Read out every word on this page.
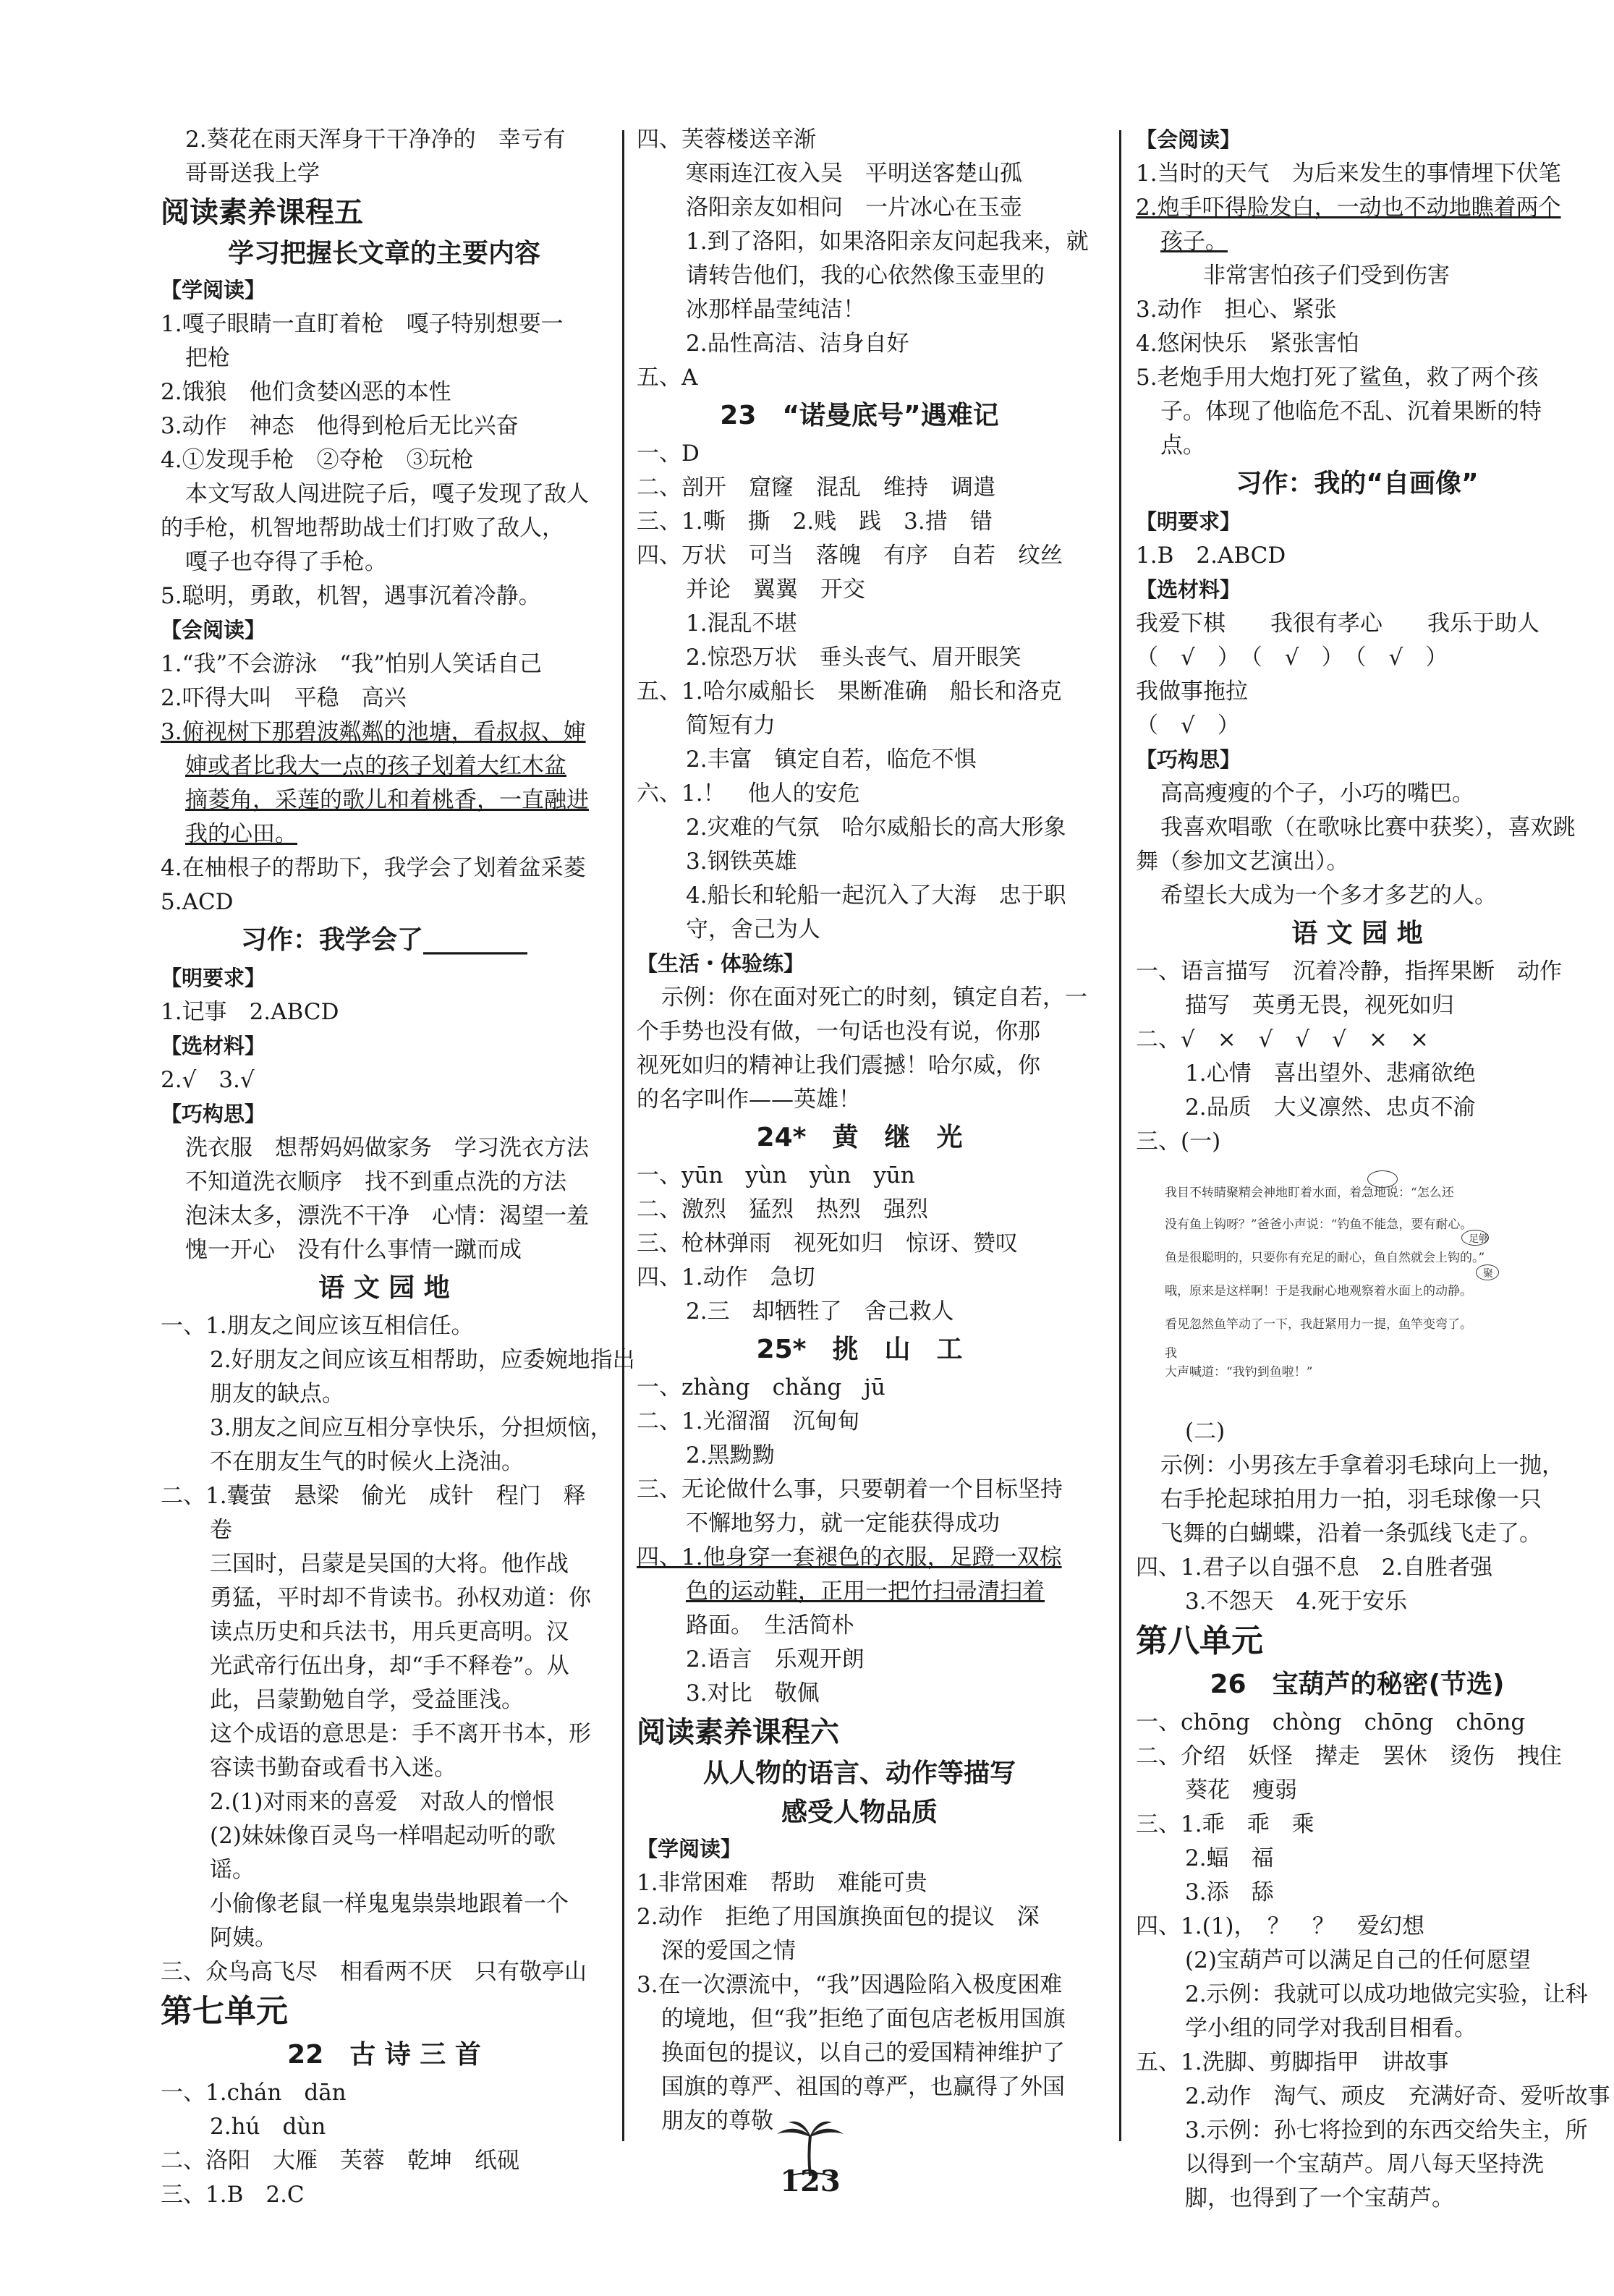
2.葵花在雨天浑身干干净净的　幸亏有
哥哥送我上学
阅读素养课程五
学习把握长文章的主要内容
【学阅读】
1.嘎子眼睛一直盯着枪　嘎子特别想要一
把枪
2.饿狼　他们贪婪凶恶的本性
3.动作　神态　他得到枪后无比兴奋
4.①发现手枪　②夺枪　③玩枪
本文写敌人闯进院子后，嘎子发现了敌人
的手枪，机智地帮助战士们打败了敌人，
嘎子也夺得了手枪。
5.聪明，勇敢，机智，遇事沉着冷静。
【会阅读】
1.“我”不会游泳　“我”怕别人笑话自己
2.吓得大叫　平稳　高兴
3.俯视树下那碧波粼粼的池塘，看叔叔、婶
婶或者比我大一点的孩子划着大红木盆
摘菱角，采莲的歌儿和着桃香，一直融进
我的心田。
4.在柚根子的帮助下，我学会了划着盆采菱
5.ACD
习作：我学会了________
【明要求】
1.记事　2.ABCD
【选材料】
2.√　3.√
【巧构思】
洗衣服　想帮妈妈做家务　学习洗衣方法
不知道洗衣顺序　找不到重点洗的方法
泡沫太多，漂洗不干净　心情：渴望一羞
愧一开心　没有什么事情一蹴而成
语 文 园 地
一、1.朋友之间应该互相信任。
2.好朋友之间应该互相帮助，应委婉地指出
朋友的缺点。
3.朋友之间应互相分享快乐，分担烦恼，
不在朋友生气的时候火上浇油。
二、1.囊萤　悬梁　偷光　成针　程门　释
卷
三国时，吕蒙是吴国的大将。他作战
勇猛，平时却不肯读书。孙权劝道：你
读点历史和兵法书，用兵更高明。汉
光武帝行伍出身，却“手不释卷”。从
此，吕蒙勤勉自学，受益匪浅。
这个成语的意思是：手不离开书本，形
容读书勤奋或看书入迷。
2.(1)对雨来的喜爱　对敌人的憎恨
(2)妹妹像百灵鸟一样唱起动听的歌
谣。
小偷像老鼠一样鬼鬼祟祟地跟着一个
阿姨。
三、众鸟高飞尽　相看两不厌　只有敬亭山
第七单元
22　古 诗 三 首
一、1.chán　dān
2.hú　dùn
二、洛阳　大雁　芙蓉　乾坤　纸砚
三、1.B　2.C
四、芙蓉楼送辛渐
寒雨连江夜入吴　平明送客楚山孤
洛阳亲友如相问　一片冰心在玉壶
1.到了洛阳，如果洛阳亲友问起我来，就
请转告他们，我的心依然像玉壶里的
冰那样晶莹纯洁！
2.品性高洁、洁身自好
五、A
23　“诺曼底号”遇难记
一、D
二、剖开　窟窿　混乱　维持　调遣
三、1.嘶　撕　2.贱　践　3.措　错
四、万状　可当　落魄　有序　自若　纹丝
并论　翼翼　开交
1.混乱不堪
2.惊恐万状　垂头丧气、眉开眼笑
五、1.哈尔威船长　果断准确　船长和洛克
简短有力
2.丰富　镇定自若，临危不惧
六、1.！　他人的安危
2.灾难的气氛　哈尔威船长的高大形象
3.钢铁英雄
4.船长和轮船一起沉入了大海　忠于职
守，舍己为人
【生活・体验练】
示例：你在面对死亡的时刻，镇定自若，一
个手势也没有做，一句话也没有说，你那
视死如归的精神让我们震撼！哈尔威，你
的名字叫作——英雄！
24*　黄　继　光
一、yūn　yùn　yùn　yūn
二、激烈　猛烈　热烈　强烈
三、枪林弹雨　视死如归　惊讶、赞叹
四、1.动作　急切
2.三　却牺牲了　舍己救人
25*　挑　山　工
一、zhàng　chǎng　jū
二、1.光溜溜　沉甸甸
2.黑黝黝
三、无论做什么事，只要朝着一个目标坚持
不懈地努力，就一定能获得成功
四、1.他身穿一套褪色的衣服，足蹬一双棕
色的运动鞋，正用一把竹扫帚清扫着
路面。　生活简朴
2.语言　乐观开朗
3.对比　敬佩
阅读素养课程六
从人物的语言、动作等描写
感受人物品质
【学阅读】
1.非常困难　帮助　难能可贵
2.动作　拒绝了用国旗换面包的提议　深
深的爱国之情
3.在一次漂流中，“我”因遇险陷入极度困难
的境地，但“我”拒绝了面包店老板用国旗
换面包的提议，以自己的爱国精神维护了
国旗的尊严、祖国的尊严，也赢得了外国
朋友的尊敬
【会阅读】
1.当时的天气　为后来发生的事情埋下伏笔
2.炮手吓得脸发白，一动也不动地瞧着两个
孩子。
　　　非常害怕孩子们受到伤害
3.动作　担心、紧张
4.悠闲快乐　紧张害怕
5.老炮手用大炮打死了鲨鱼，救了两个孩
子。体现了他临危不乱、沉着果断的特
点。
习作：我的“自画像”
【明要求】
1.B　2.ABCD
【选材料】
我爱下棋　　我很有孝心　　我乐于助人
（　√　）　（　√　）　（　√　）
我做事拖拉
（　√　）
【巧构思】
高高瘦瘦的个子，小巧的嘴巴。
我喜欢唱歌（在歌咏比赛中获奖），喜欢跳
舞（参加文艺演出）。
希望长大成为一个多才多艺的人。
语 文 园 地
一、语言描写　沉着冷静，指挥果断　动作
描写　英勇无畏，视死如归
二、√　×　√　√　√　×　×
1.心情　喜出望外、悲痛欲绝
2.品质　大义凛然、忠贞不渝
三、(一)
我目不转睛聚精会神地盯着水面，着急地说：“怎么还
没有鱼上钩呀？”爸爸小声说：“钓鱼不能急，要有耐心。
鱼是很聪明的，只要你有充足的耐心，鱼自然就会上钩的。”
哦，原来是这样啊！于是我耐心地观察着水面上的动静。
看见忽然鱼竿动了一下，我赶紧用力一提，鱼竿变弯了。
我
大声喊道：“我钓到鱼啦！”
足够
聚
(二)
示例：小男孩左手拿着羽毛球向上一抛，
右手抡起球拍用力一拍，羽毛球像一只
飞舞的白蝴蝶，沿着一条弧线飞走了。
四、1.君子以自强不息　2.自胜者强
3.不怨天　4.死于安乐
第八单元
26　宝葫芦的秘密(节选)
一、chōng　chòng　chōng　chōng
二、介绍　妖怪　撵走　罢休　烫伤　拽住
葵花　瘦弱
三、1.乖　乖　乘
2.蝠　福
3.添　舔
四、1.(1)，　？　？　爱幻想
(2)宝葫芦可以满足自己的任何愿望
2.示例：我就可以成功地做完实验，让科
学小组的同学对我刮目相看。
五、1.洗脚、剪脚指甲　讲故事
2.动作　淘气、顽皮　充满好奇、爱听故事
3.示例：孙七将捡到的东西交给失主，所
以得到一个宝葫芦。周八每天坚持洗
脚，也得到了一个宝葫芦。
123
